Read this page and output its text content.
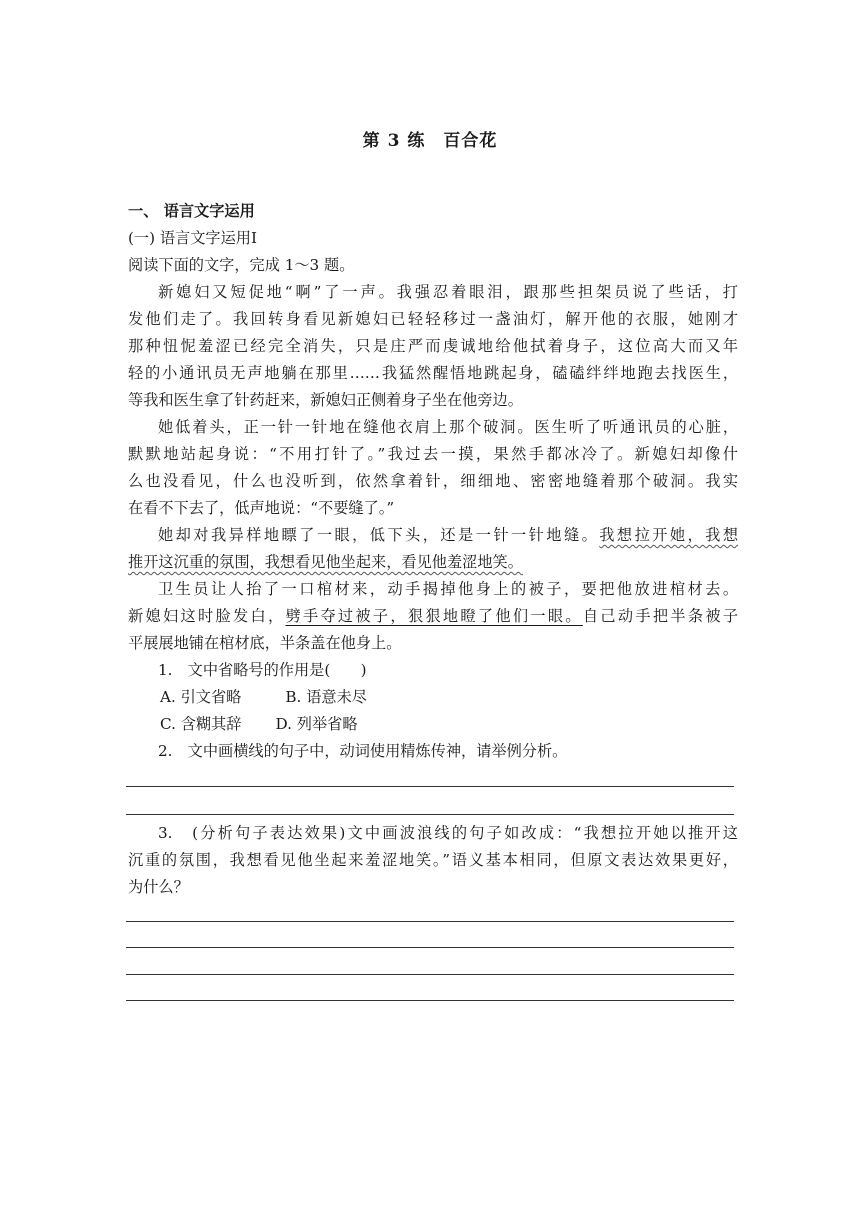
第 3 练　百合花
一、 语言文字运用
(一) 语言文字运用Ⅰ
阅读下面的文字，完成 1～3 题。
新媳妇又短促地“啊”了一声。我强忍着眼泪，跟那些担架员说了些话，打
发他们走了。我回转身看见新媳妇已轻轻移过一盏油灯，解开他的衣服，她刚才
那种忸怩羞涩已经完全消失，只是庄严而虔诚地给他拭着身子，这位高大而又年
轻的小通讯员无声地躺在那里……我猛然醒悟地跳起身，磕磕绊绊地跑去找医生，
等我和医生拿了针药赶来，新媳妇正侧着身子坐在他旁边。
她低着头，正一针一针地在缝他衣肩上那个破洞。医生听了听通讯员的心脏，
默默地站起身说：“不用打针了。”我过去一摸，果然手都冰冷了。新媳妇却像什
么也没看见，什么也没听到，依然拿着针，细细地、密密地缝着那个破洞。我实
在看不下去了，低声地说：“不要缝了。”
她却对我异样地瞟了一眼，低下头，还是一针一针地缝。我想拉开她，我想
推开这沉重的氛围，我想看见他坐起来，看见他羞涩地笑。
卫生员让人抬了一口棺材来，动手揭掉他身上的被子，要把他放进棺材去。
新媳妇这时脸发白，劈手夺过被子，狠狠地瞪了他们一眼。自己动手把半条被子
平展展地铺在棺材底，半条盖在他身上。
1.　文中省略号的作用是(　　)
A. 引文省略	B. 语意未尽
C. 含糊其辞 D. 列举省略
2.　文中画横线的句子中，动词使用精炼传神，请举例分析。
3.　(分析句子表达效果)文中画波浪线的句子如改成：“我想拉开她以推开这
沉重的氛围，我想看见他坐起来羞涩地笑。”语义基本相同，但原文表达效果更好，
为什么？
